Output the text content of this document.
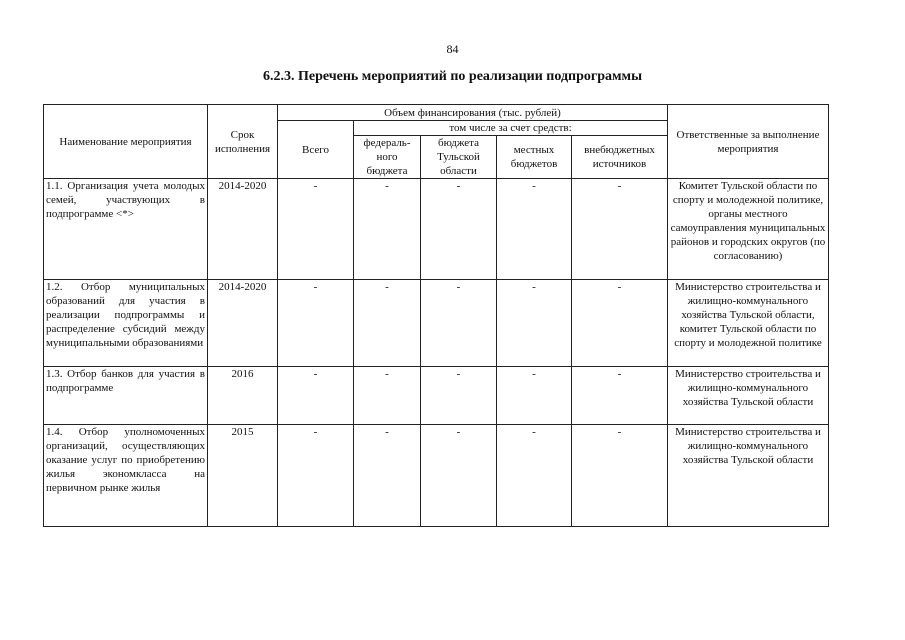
84
6.2.3. Перечень мероприятий по реализации подпрограммы
Наименование мероприятия	Срок исполнения	Объем финансирования (тыс. рублей)					Ответственные за выполнение мероприятия
		Всего	том числе за счет средств:				
			федераль-ного бюджета	бюджета Тульской области	местных бюджетов	внебюджетных источников	
1.1. Организация учета молодых семей, участвующих в подпрограмме <*>	2014-2020	-	-	-	-	-	Комитет Тульской области по спорту и молодежной политике, органы местного самоуправления муниципальных районов и городских округов (по согласованию)
1.2. Отбор муниципальных образований для участия в реализации подпрограммы и распределение субсидий между муниципальными образованиями	2014-2020	-	-	-	-	-	Министерство строительства и жилищно-коммунального хозяйства Тульской области, комитет Тульской области по спорту и молодежной политике
1.3. Отбор банков для участия в подпрограмме	2016	-	-	-	-	-	Министерство строительства и жилищно-коммунального хозяйства Тульской области
1.4. Отбор уполномоченных организаций, осуществляющих оказание услуг по приобретению жилья экономкласса на первичном рынке жилья	2015	-	-	-	-	-	Министерство строительства и жилищно-коммунального хозяйства Тульской области
